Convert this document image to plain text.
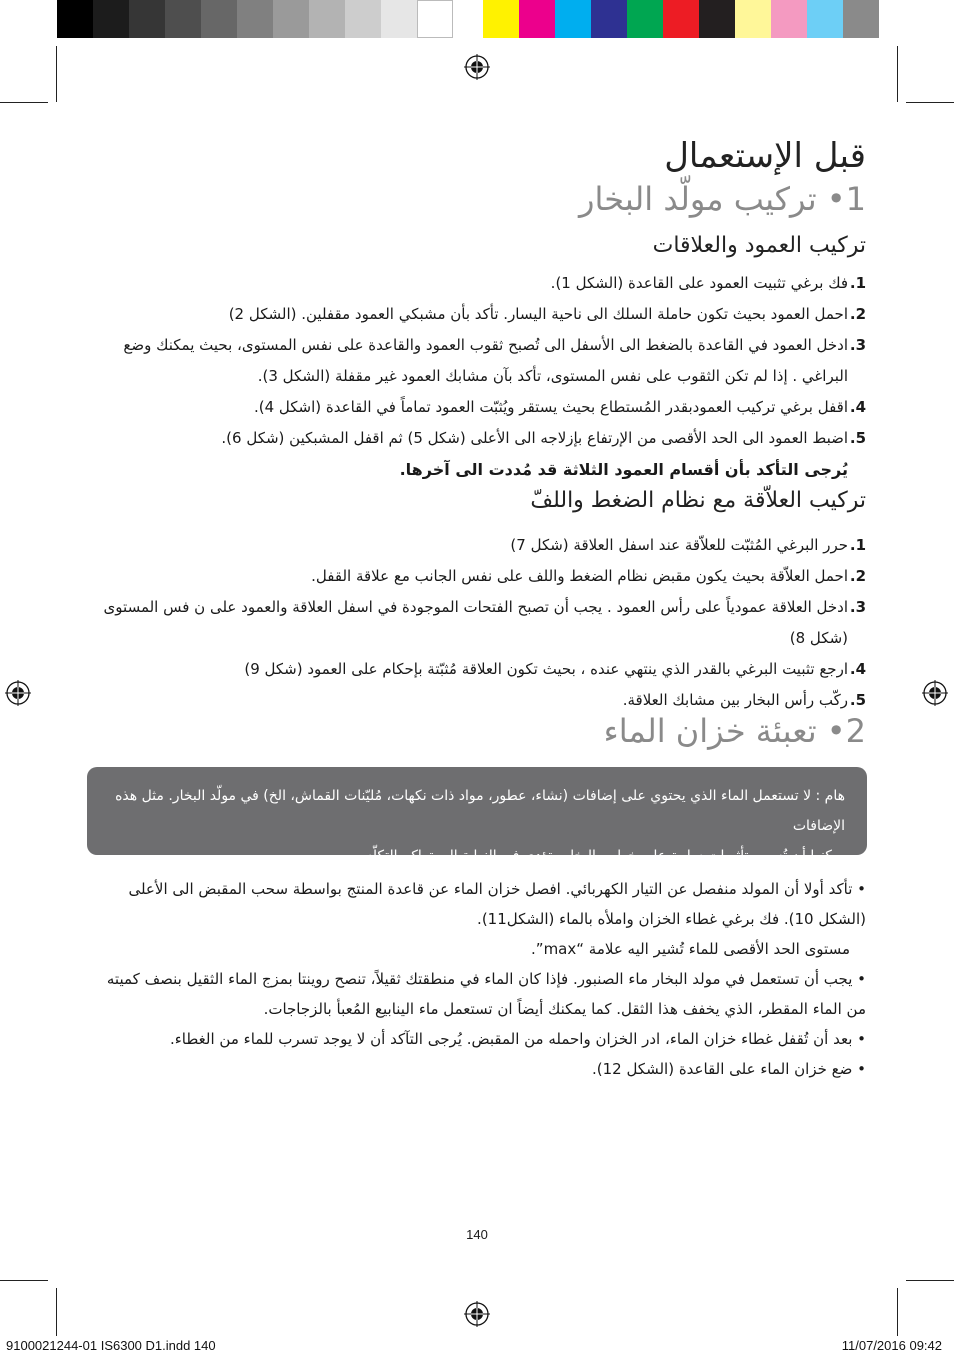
قبل الإستعمال
1• تركيب مولّد البخار
تركيب العمود والعلاقات
1.
فك برغي تثبيت العمود على القاعدة (الشكل 1).
2.
احمل العمود بحيث تكون حاملة السلك الى ناحية اليسار. تأكد بأن مشبكي العمود مقفلين. (الشكل 2)
3.
ادخل العمود في القاعدة بالضغط الى الأسفل الى تُصبح ثقوب العمود والقاعدة على نفس المستوى، بحيث يمكنك وضع البراغي . إذا لم تكن الثقوب على نفس المستوى، تأكد بآن مشابك العمود غير مقفلة (الشكل 3).
4.
اقفل برغي تركيب العمودبقدر المُستطاع بحيث يستقر ويُثبّت العمود تماماً في القاعدة (اشكل 4).
5.
اضبط العمود الى الحد الأقصى من الإرتفاع بإزلاجه الى الأعلى (شكل 5) ثم اقفل المشبكين (شكل 6).
يُرجى التأكد بأن أقسام العمود الثلاثة قد مُددت الى آخرها.
تركيب العلاّقة مع نظام الضغط واللفّ
1.
حرر البرغي المُثبّت للعلاّقة عند اسفل العلاقة (شكل 7)
2.
احمل العلاّقة بحيث يكون مقبض نظام الضغط واللف على نفس الجانب مع علاقة القفل.
3.
ادخل العلاقة عمودياً على رأس العمود . يجب أن تصبح الفتحات الموجودة في اسفل العلاقة والعمود على ن فس المستوى (شكل 8)
4.
ارجع تثبيت البرغي بالقدر الذي ينتهي عنده ، بحيث تكون العلاقة مُثبّتة بإحكام على العمود (شكل 9)
5.
ركّب رأس البخار بين مشابك العلاقة.
2• تعبئة خزان الماء
هام : لا تستعمل الماء الذي يحتوي على إضافات (نشاء، عطور، مواد ذات نكهات، مُليّنات القماش، الخ) في مولّد البخار. مثل هذه الإضافات
يمكنها أن تُسبب تأثيرات سلبية على خواص البخار وتؤدي في النهاية الى تراكم التكلّس.
• تأكد أولا أن المولد منفصل عن التيار الكهربائي. افصل خزان الماء عن قاعدة المنتج بواسطة سحب المقبض الى الأعلى (الشكل 10). فك برغي غطاء الخزان واملأه بالماء (الشكل11).
مستوى الحد الأقصى للماء تُشير اليه علامة “max”.
• يجب أن تستعمل في مولد البخار ماء الصنبور. فإذا كان الماء في منطقتك ثقيلاً، تنصح روينتا بمزج الماء الثقيل بنصف كميته من الماء المقطر، الذي يخفف هذا الثقل. كما يمكنك أيضاً ان تستعمل ماء الينابيع المُعبأ بالزجاجات.
• بعد أن تُقفل غطاء خزان الماء، ادر الخزان واحمله من المقبض. يُرجى التآكد أن لا يوجد تسرب للماء من الغطاء.
• ضع خزان الماء على القاعدة (الشكل 12).
140
9100021244-01 IS6300 D1.indd 140	11/07/2016 09:42
